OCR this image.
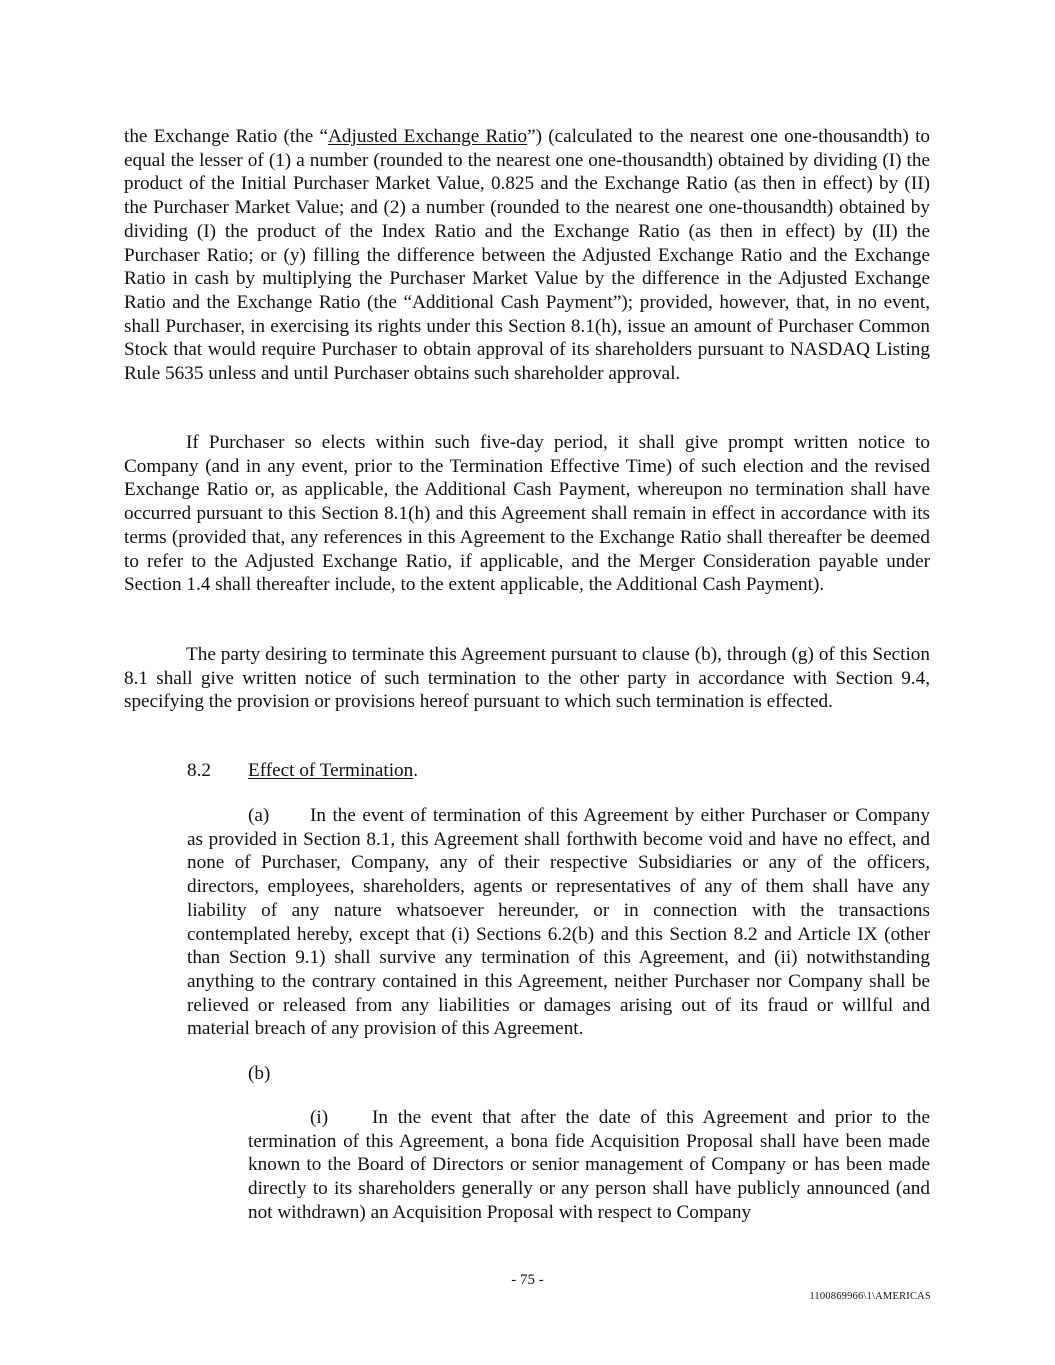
the Exchange Ratio (the “Adjusted Exchange Ratio”) (calculated to the nearest one one-thousandth) to equal the lesser of (1) a number (rounded to the nearest one one-thousandth) obtained by dividing (I) the product of the Initial Purchaser Market Value, 0.825 and the Exchange Ratio (as then in effect) by (II) the Purchaser Market Value; and (2) a number (rounded to the nearest one one-thousandth) obtained by dividing (I) the product of the Index Ratio and the Exchange Ratio (as then in effect) by (II) the Purchaser Ratio; or (y) filling the difference between the Adjusted Exchange Ratio and the Exchange Ratio in cash by multiplying the Purchaser Market Value by the difference in the Adjusted Exchange Ratio and the Exchange Ratio (the “Additional Cash Payment”); provided, however, that, in no event, shall Purchaser, in exercising its rights under this Section 8.1(h), issue an amount of Purchaser Common Stock that would require Purchaser to obtain approval of its shareholders pursuant to NASDAQ Listing Rule 5635 unless and until Purchaser obtains such shareholder approval.

If Purchaser so elects within such five-day period, it shall give prompt written notice to Company (and in any event, prior to the Termination Effective Time) of such election and the revised Exchange Ratio or, as applicable, the Additional Cash Payment, whereupon no termination shall have occurred pursuant to this Section 8.1(h) and this Agreement shall remain in effect in accordance with its terms (provided that, any references in this Agreement to the Exchange Ratio shall thereafter be deemed to refer to the Adjusted Exchange Ratio, if applicable, and the Merger Consideration payable under Section 1.4 shall thereafter include, to the extent applicable, the Additional Cash Payment).

The party desiring to terminate this Agreement pursuant to clause (b), through (g) of this Section 8.1 shall give written notice of such termination to the other party in accordance with Section 9.4, specifying the provision or provisions hereof pursuant to which such termination is effected.

8.2 Effect of Termination.

(a) In the event of termination of this Agreement by either Purchaser or Company as provided in Section 8.1, this Agreement shall forthwith become void and have no effect, and none of Purchaser, Company, any of their respective Subsidiaries or any of the officers, directors, employees, shareholders, agents or representatives of any of them shall have any liability of any nature whatsoever hereunder, or in connection with the transactions contemplated hereby, except that (i) Sections 6.2(b) and this Section 8.2 and Article IX (other than Section 9.1) shall survive any termination of this Agreement, and (ii) notwithstanding anything to the contrary contained in this Agreement, neither Purchaser nor Company shall be relieved or released from any liabilities or damages arising out of its fraud or willful and material breach of any provision of this Agreement.

(b)

(i) In the event that after the date of this Agreement and prior to the termination of this Agreement, a bona fide Acquisition Proposal shall have been made known to the Board of Directors or senior management of Company or has been made directly to its shareholders generally or any person shall have publicly announced (and not withdrawn) an Acquisition Proposal with respect to Company

- 75 -

1100869966\1\AMERICAS
